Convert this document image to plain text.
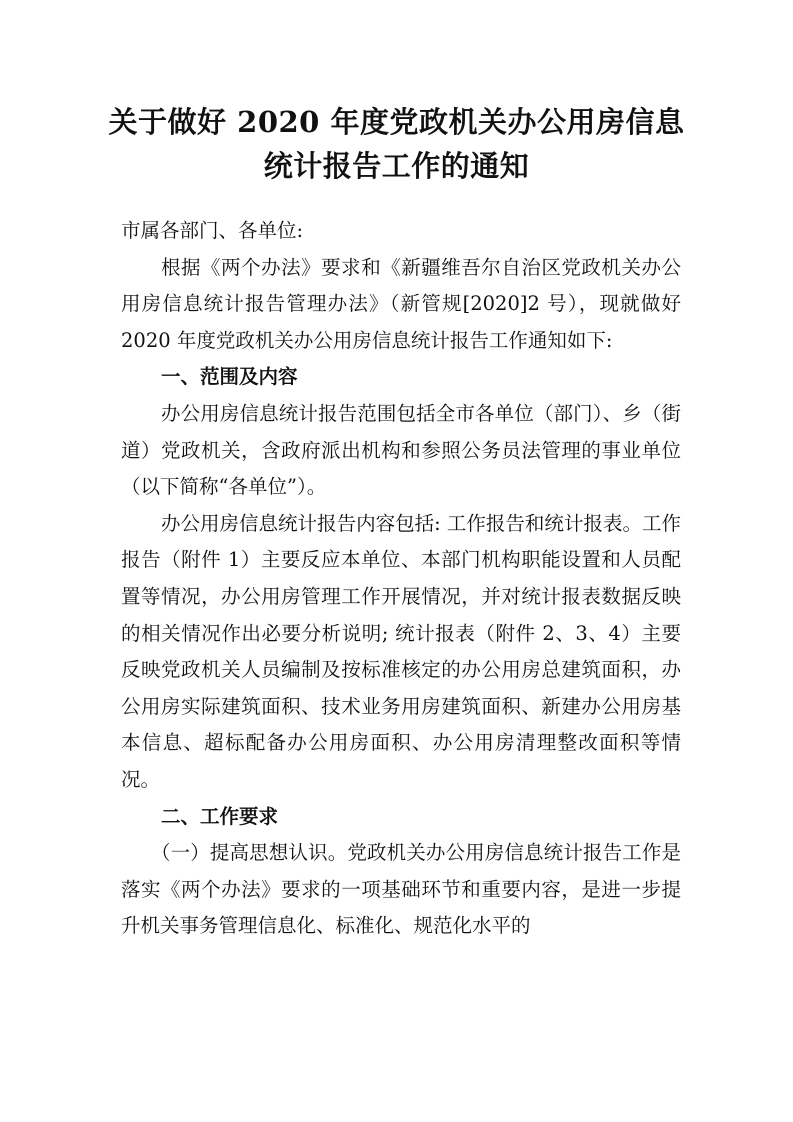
关于做好 2020 年度党政机关办公用房信息
统计报告工作的通知

市属各部门、各单位:

根据《两个办法》要求和《新疆维吾尔自治区党政机关办公用房信息统计报告管理办法》（新管规[2020]2 号），现就做好 2020 年度党政机关办公用房信息统计报告工作通知如下:

一、范围及内容

办公用房信息统计报告范围包括全市各单位（部门）、乡（街道）党政机关，含政府派出机构和参照公务员法管理的事业单位（以下简称“各单位”）。

办公用房信息统计报告内容包括: 工作报告和统计报表。工作报告（附件 1）主要反应本单位、本部门机构职能设置和人员配置等情况，办公用房管理工作开展情况，并对统计报表数据反映的相关情况作出必要分析说明; 统计报表（附件 2、3、4）主要反映党政机关人员编制及按标准核定的办公用房总建筑面积，办公用房实际建筑面积、技术业务用房建筑面积、新建办公用房基本信息、超标配备办公用房面积、办公用房清理整改面积等情况。

二、工作要求

（一）提高思想认识。党政机关办公用房信息统计报告工作是落实《两个办法》要求的一项基础环节和重要内容，是进一步提升机关事务管理信息化、标准化、规范化水平的
